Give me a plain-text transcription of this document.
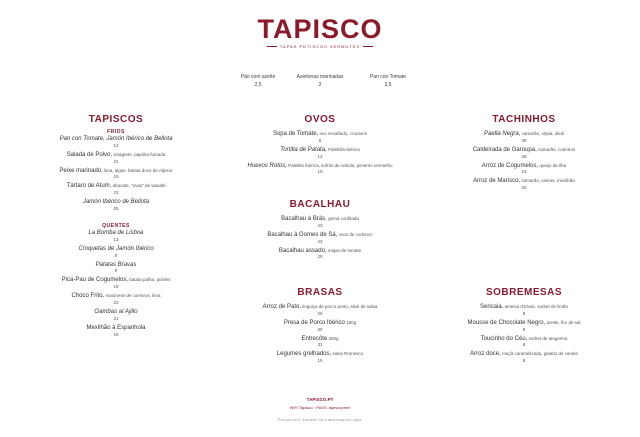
TAPISCO
TAPAS PETISCOS VERMUTES
Pão com azeite
2,5
Azeitonas marinadas
2
Pan con Tomate
3,5
TAPISCOS
FRIOS
Pan con Tomate, Jamón Ibérico de Bellota
12
Salada de Polvo, vinagrete, paprika fumada
21
Peixe marinado, lima, algas, batata doce de Aljezur
19
Tártaro de Atum, abacate, "ovas" de wasabi
23
Jamón Ibérico de Bellota
25
QUENTES
La Bomba de Lisboa
13
Croquetas de Jamón Ibérico
9
Patatas Bravas
9
Pica-Pau de Cogumelos, batata palha, pickles
19
Choco Frito, maionese de coentros, lima
22
Gambas al Ajillo
21
Mexilhão à Espanhola
19
OVOS
Sopa de Tomate, ovo escalfado, croutons
8
Tortilla de Patata, Palettilla Ibérica
13
Huevos Rotos, Paletilla Ibérica, sofrito de cebola, pimento vermelho
19
BACALHAU
Bacalhau à Brás, gema confitada
23
Bacalhau à Gomes de Sá, ovos de codorniz
23
Bacalhau assado, migas de tomate
25
BRASAS
Arroz de Pato, linguiça de porco preto, alioli de salsa
29
Presa de Porco Ibérico 150g
30
Entrecôte 300g
31
Legumes grelhados, salsa Romesco
15
TACHINHOS
Paella Negra, camarão, sépia, alioli
39
Caldeirada de Garoupa, camarão, coentros
28
Arroz de Cogumelos, queijo da Ilha
19
Arroz de Marisco, camarão, vieiras, mexilhão
33
SOBREMESAS
Sericaia, ameixa d'Elvas, sorbet de limão
8
Mousse de Chocolate Negro, azeite, flor de sal
8
Toucinho do Céu, sorbet de tangerina
8
Arroz doce, maçã caramelizada, gelado de canela
8
TAPISCO.PT
WIFI Tapisco · PASS: tapiscopreel
Preços em €, incluem IVA à taxa legal em vigor.
